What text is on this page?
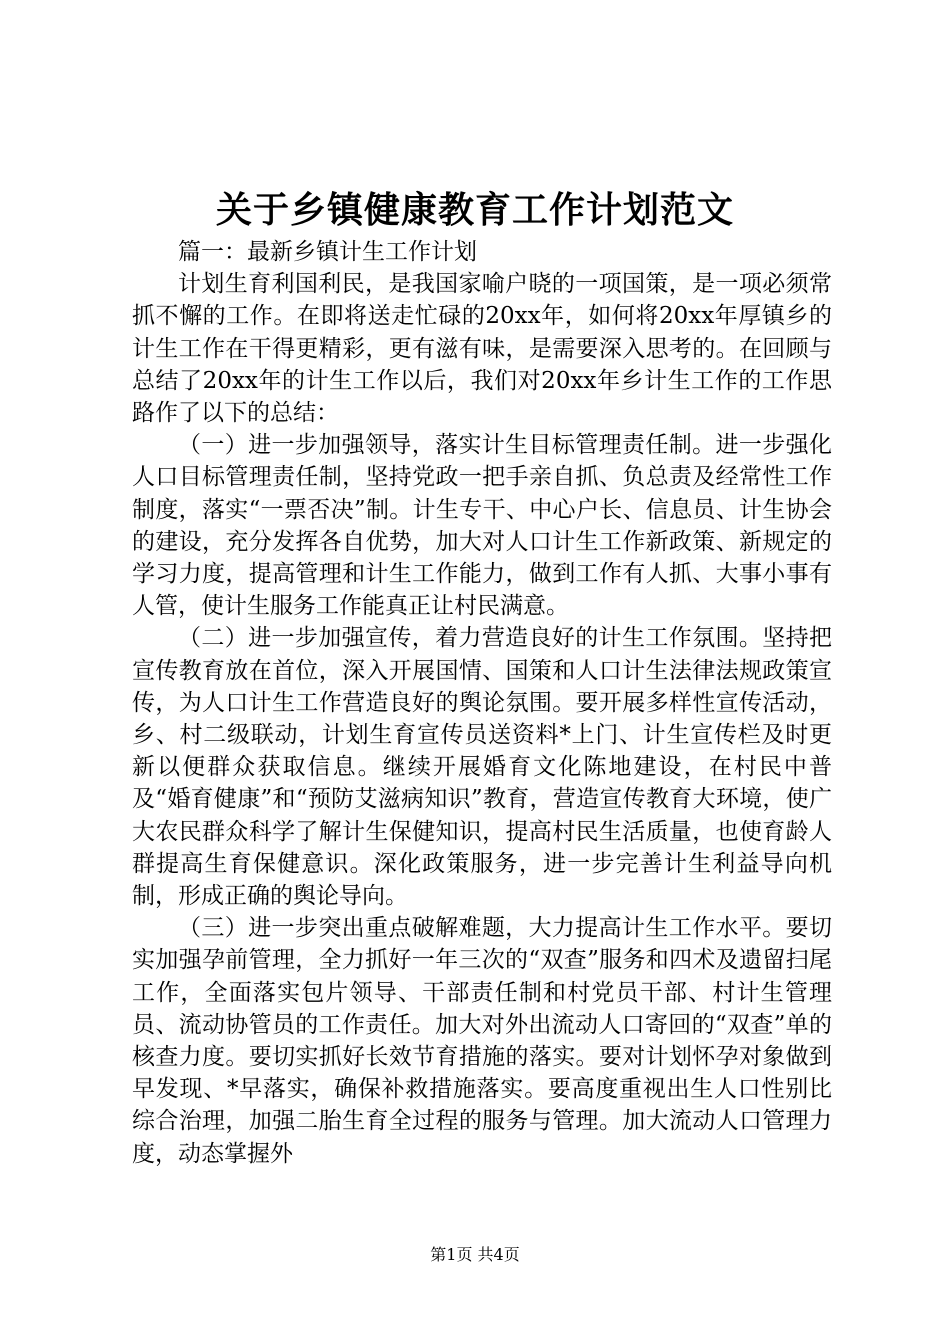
关于乡镇健康教育工作计划范文

篇一：最新乡镇计生工作计划

计划生育利国利民，是我国家喻户晓的一项国策，是一项必须常抓不懈的工作。在即将送走忙碌的20xx年，如何将20xx年厚镇乡的计生工作在干得更精彩，更有滋有味，是需要深入思考的。在回顾与总结了20xx年的计生工作以后，我们对20xx年乡计生工作的工作思路作了以下的总结：

（一）进一步加强领导，落实计生目标管理责任制。进一步强化人口目标管理责任制，坚持党政一把手亲自抓、负总责及经常性工作制度，落实“一票否决”制。计生专干、中心户长、信息员、计生协会的建设，充分发挥各自优势，加大对人口计生工作新政策、新规定的学习力度，提高管理和计生工作能力，做到工作有人抓、大事小事有人管，使计生服务工作能真正让村民满意。

（二）进一步加强宣传，着力营造良好的计生工作氛围。坚持把宣传教育放在首位，深入开展国情、国策和人口计生法律法规政策宣传，为人口计生工作营造良好的舆论氛围。要开展多样性宣传活动，乡、村二级联动，计划生育宣传员送资料*上门、计生宣传栏及时更新以便群众获取信息。继续开展婚育文化陈地建设，在村民中普及“婚育健康”和“预防艾滋病知识”教育，营造宣传教育大环境，使广大农民群众科学了解计生保健知识，提高村民生活质量，也使育龄人群提高生育保健意识。深化政策服务，进一步完善计生利益导向机制，形成正确的舆论导向。

（三）进一步突出重点破解难题，大力提高计生工作水平。要切实加强孕前管理，全力抓好一年三次的“双查”服务和四术及遗留扫尾工作，全面落实包片领导、干部责任制和村党员干部、村计生管理员、流动协管员的工作责任。加大对外出流动人口寄回的“双查”单的核查力度。要切实抓好长效节育措施的落实。要对计划怀孕对象做到早发现、*早落实，确保补救措施落实。要高度重视出生人口性别比综合治理，加强二胎生育全过程的服务与管理。加大流动人口管理力度，动态掌握外

第1页 共4页
